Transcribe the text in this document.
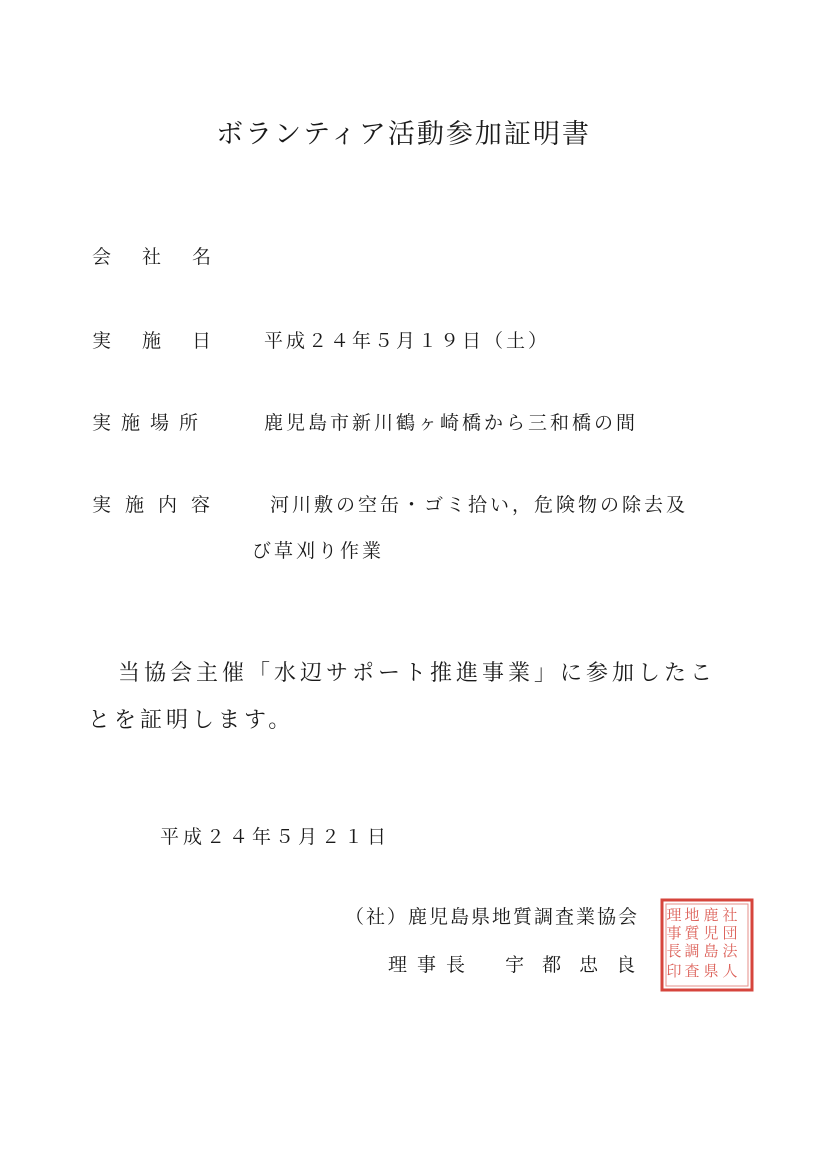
ボランティア活動参加証明書
会　社　名
実　施　日 平成２４年５月１９日（土）
実施場所	鹿児島市新川鶴ヶ崎橋から三和橋の間
実施内容 河川敷の空缶・ゴミ拾い，危険物の除去及
び草刈り作業

当協会主催「水辺サポート推進事業」に参加したことを証明します。

平成２４年５月２１日
（社）鹿児島県地質調査業協会
理事長 宇都忠良
社
団
法
人
鹿
児
島
県
地
質
調
査
理
事
長
印
